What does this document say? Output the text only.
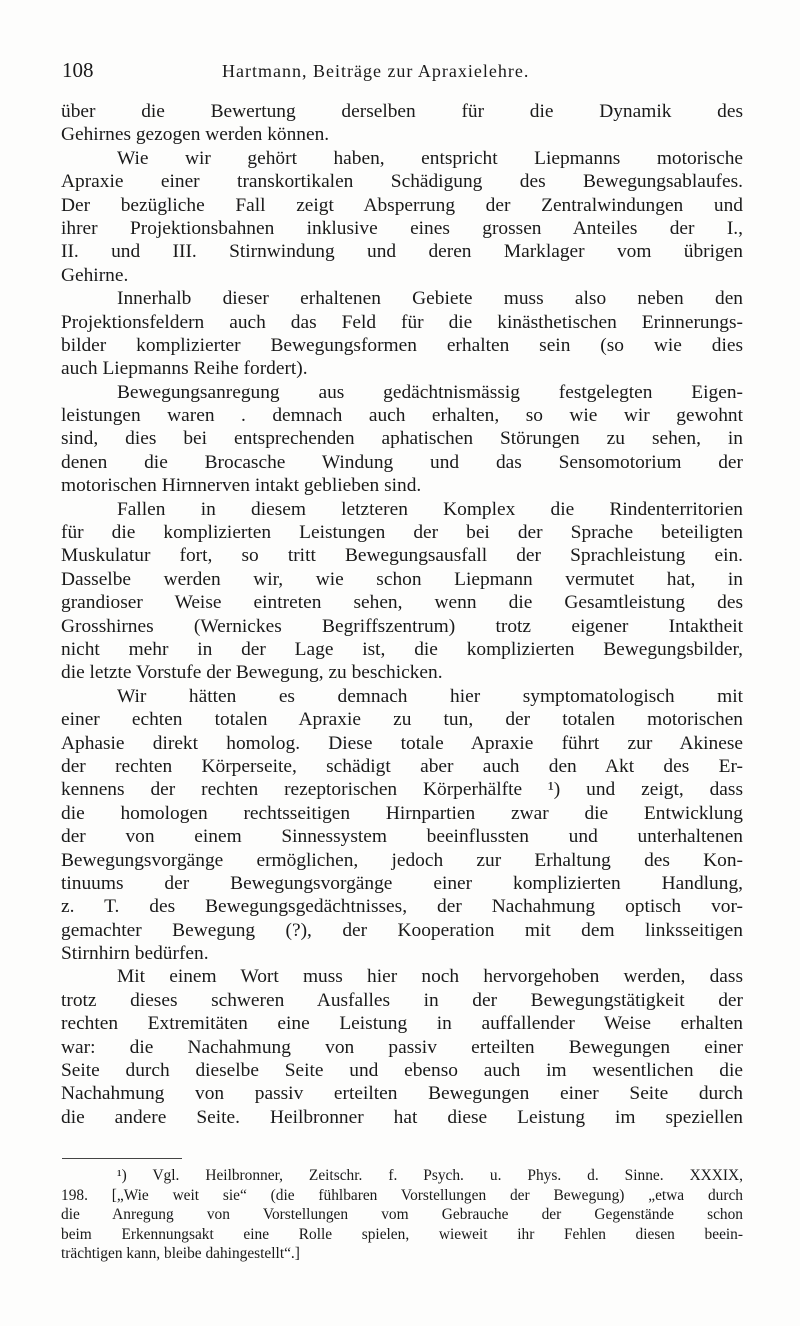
108	Hartmann, Beiträge zur Apraxielehre.
über die Bewertung derselben für die Dynamik des
Gehirnes gezogen werden können.
Wie wir gehört haben, entspricht Liepmanns motorische
Apraxie einer transkortikalen Schädigung des Bewegungsablaufes.
Der bezügliche Fall zeigt Absperrung der Zentralwindungen und
ihrer Projektionsbahnen inklusive eines grossen Anteiles der I.,
II. und III. Stirnwindung und deren Marklager vom übrigen
Gehirne.
Innerhalb dieser erhaltenen Gebiete muss also neben den
Projektionsfeldern auch das Feld für die kinästhetischen Erinnerungs-
bilder komplizierter Bewegungsformen erhalten sein (so wie dies
auch Liepmanns Reihe fordert).
Bewegungsanregung aus gedächtnismässig festgelegten Eigen-
leistungen waren . demnach auch erhalten, so wie wir gewohnt
sind, dies bei entsprechenden aphatischen Störungen zu sehen, in
denen die Brocasche Windung und das Sensomotorium der
motorischen Hirnnerven intakt geblieben sind.
Fallen in diesem letzteren Komplex die Rindenterritorien
für die komplizierten Leistungen der bei der Sprache beteiligten
Muskulatur fort, so tritt Bewegungsausfall der Sprachleistung ein.
Dasselbe werden wir, wie schon Liepmann vermutet hat, in
grandioser Weise eintreten sehen, wenn die Gesamtleistung des
Grosshirnes (Wernickes Begriffszentrum) trotz eigener Intaktheit
nicht mehr in der Lage ist, die komplizierten Bewegungsbilder,
die letzte Vorstufe der Bewegung, zu beschicken.
Wir hätten es demnach hier symptomatologisch mit
einer echten totalen Apraxie zu tun, der totalen motorischen
Aphasie direkt homolog. Diese totale Apraxie führt zur Akinese
der rechten Körperseite, schädigt aber auch den Akt des Er-
kennens der rechten rezeptorischen Körperhälfte ¹) und zeigt, dass
die homologen rechtsseitigen Hirnpartien zwar die Entwicklung
der von einem Sinnessystem beeinflussten und unterhaltenen
Bewegungsvorgänge ermöglichen, jedoch zur Erhaltung des Kon-
tinuums der Bewegungsvorgänge einer komplizierten Handlung,
z. T. des Bewegungsgedächtnisses, der Nachahmung optisch vor-
gemachter Bewegung (?), der Kooperation mit dem linksseitigen
Stirnhirn bedürfen.
Mit einem Wort muss hier noch hervorgehoben werden, dass
trotz dieses schweren Ausfalles in der Bewegungstätigkeit der
rechten Extremitäten eine Leistung in auffallender Weise erhalten
war: die Nachahmung von passiv erteilten Bewegungen einer
Seite durch dieselbe Seite und ebenso auch im wesentlichen die
Nachahmung von passiv erteilten Bewegungen einer Seite durch
die andere Seite. Heilbronner hat diese Leistung im speziellen
¹) Vgl. Heilbronner, Zeitschr. f. Psych. u. Phys. d. Sinne. XXXIX,
198. [„Wie weit sie“ (die fühlbaren Vorstellungen der Bewegung) „etwa durch
die Anregung von Vorstellungen vom Gebrauche der Gegenstände schon
beim Erkennungsakt eine Rolle spielen, wieweit ihr Fehlen diesen beein-
trächtigen kann, bleibe dahingestellt“.]
